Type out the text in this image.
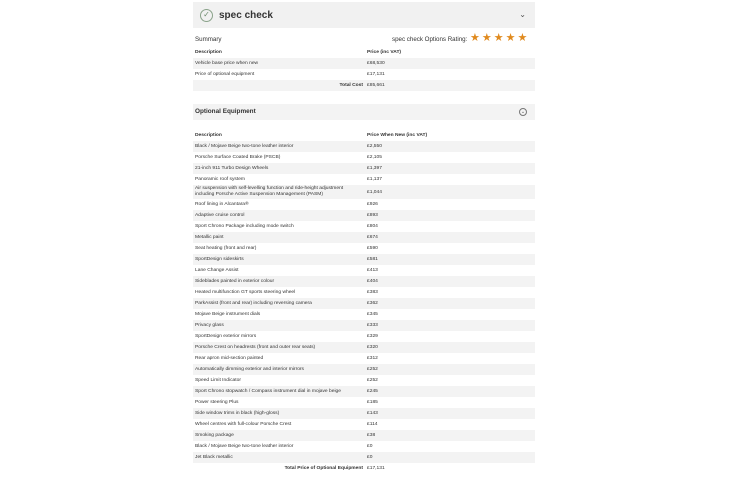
✓ spec check	⌄
Summary	spec check Options Rating: ★ ★ ★ ★ ★
Description	Price (inc VAT)
Vehicle base price when new	£68,530
Price of optional equipment	£17,131
Total Cost	£85,661
Optional Equipment	⌄
Description	Price When New (inc VAT)
Black / Mojave Beige two-tone leather interior	£2,550
Porsche Surface Coated Brake (PSCB)	£2,105
21-inch 911 Turbo Design Wheels	£1,397
Panoramic roof system	£1,137
Air suspension with self-levelling function and ride-height adjustment including Porsche Active Suspension Management (PASM)	£1,044
Roof lining in Alcantara®	£926
Adaptive cruise control	£893
Sport Chrono Package including mode switch	£804
Metallic paint	£674
Seat heating (front and rear)	£590
SportDesign sideskirts	£581
Lane Change Assist	£413
Sideblades painted in exterior colour	£404
Heated multifunction GT sports steering wheel	£383
ParkAssist (front and rear) including reversing camera	£362
Mojave Beige instrument dials	£345
Privacy glass	£333
SportDesign exterior mirrors	£329
Porsche Crest on headrests (front and outer rear seats)	£320
Rear apron mid-section painted	£312
Automatically dimming exterior and interior mirrors	£252
Speed Limit Indicator	£252
Sport Chrono stopwatch / Compass instrument dial in mojave beige	£245
Power steering Plus	£185
Side window trims in black (high-gloss)	£143
Wheel centres with full-colour Porsche Crest	£114
Smoking package	£38
Black / Mojave Beige two-tone leather interior	£0
Jet Black metallic	£0
Total Price of Optional Equipment	£17,131
